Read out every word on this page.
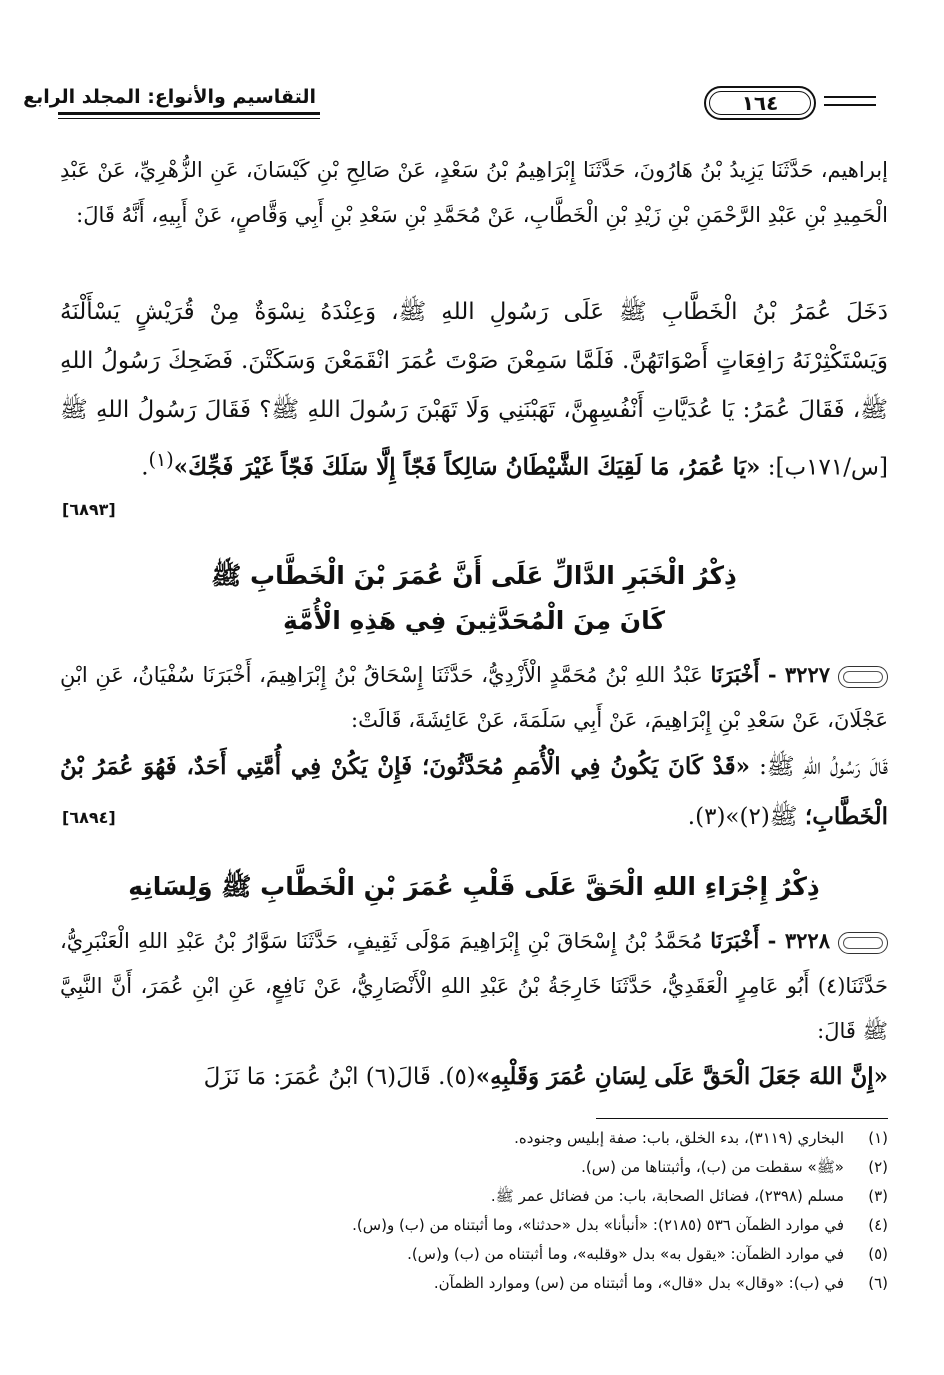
التقاسيم والأنواع: المجلد الرابع	١٦٤
إبراهيم، حَدَّثَنَا يَزِيدُ بْنُ هَارُونَ، حَدَّثَنَا إِبْرَاهِيمُ بْنُ سَعْدٍ، عَنْ صَالِحِ بْنِ كَيْسَانَ، عَنِ الزُّهْرِيِّ، عَنْ عَبْدِ الْحَمِيدِ بْنِ عَبْدِ الرَّحْمَنِ بْنِ زَيْدِ بْنِ الْخَطَّابِ، عَنْ مُحَمَّدِ بْنِ سَعْدِ بْنِ أَبِي وَقَّاصٍ، عَنْ أَبِيهِ، أَنَّهُ قَالَ:
دَخَلَ عُمَرُ بْنُ الْخَطَّابِ ﷺ عَلَى رَسُولِ اللهِ ﷺ، وَعِنْدَهُ نِسْوَةٌ مِنْ قُرَيْشٍ يَسْأَلْنَهُ وَيَسْتَكْثِرْنَهُ رَافِعَاتٍ أَصْوَاتَهُنَّ. فَلَمَّا سَمِعْنَ صَوْتَ عُمَرَ انْقَمَعْنَ وَسَكَتْنَ. فَضَحِكَ رَسُولُ اللهِ ﷺ، فَقَالَ عُمَرُ: يَا عُدَيَّاتِ أَنْفُسِهِنَّ، تَهَبْنَنِي وَلَا تَهَبْنَ رَسُولَ اللهِ ﷺ؟ فَقَالَ رَسُولُ اللهِ ﷺ [س/١٧١ب]: «يَا عُمَرُ، مَا لَقِيَكَ الشَّيْطَانُ سَالِكاً فَجّاً إِلَّا سَلَكَ فَجّاً غَيْرَ فَجِّكَ»$^{(١)}$.
[٦٨٩٣]
ذِكْرُ الْخَبَرِ الدَّالِّ عَلَى أَنَّ عُمَرَ بْنَ الْخَطَّابِ ﷺ
كَانَ مِنَ الْمُحَدَّثِينَ فِي هَذِهِ الْأُمَّةِ
٣٢٢٧ - أَخْبَرَنَا عَبْدُ اللهِ بْنُ مُحَمَّدٍ الْأَزْدِيُّ، حَدَّثَنَا إِسْحَاقُ بْنُ إِبْرَاهِيمَ، أَخْبَرَنَا سُفْيَانُ، عَنِ ابْنِ عَجْلَانَ، عَنْ سَعْدِ بْنِ إِبْرَاهِيمَ، عَنْ أَبِي سَلَمَةَ، عَنْ عَائِشَةَ، قَالَتْ:
قَالَ رَسُولُ اللهِ ﷺ: «قَدْ كَانَ يَكُونُ فِي الْأُمَمِ مُحَدَّثُونَ؛ فَإِنْ يَكُنْ فِي أُمَّتِي أَحَدٌ، فَهُوَ عُمَرُ بْنُ الْخَطَّابِ؛ ﷺ(٢)»(٣).
[٦٨٩٤]
ذِكْرُ إِجْرَاءِ اللهِ الْحَقَّ عَلَى قَلْبِ عُمَرَ بْنِ الْخَطَّابِ ﷺ وَلِسَانِهِ
٣٢٢٨ - أَخْبَرَنَا مُحَمَّدُ بْنُ إِسْحَاقَ بْنِ إِبْرَاهِيمَ مَوْلَى ثَقِيفٍ، حَدَّثَنَا سَوَّارُ بْنُ عَبْدِ اللهِ الْعَنْبَرِيُّ، حَدَّثَنَا(٤) أَبُو عَامِرٍ الْعَقَدِيُّ، حَدَّثَنَا خَارِجَةُ بْنُ عَبْدِ اللهِ الْأَنْصَارِيُّ، عَنْ نَافِعٍ، عَنِ ابْنِ عُمَرَ، أَنَّ النَّبِيَّ ﷺ قَالَ:
«إِنَّ اللهَ جَعَلَ الْحَقَّ عَلَى لِسَانِ عُمَرَ وَقَلْبِهِ»(٥). قَالَ(٦) ابْنُ عُمَرَ: مَا نَزَلَ
(١)
البخاري (٣١١٩)، بدء الخلق، باب: صفة إبليس وجنوده.
(٢)
«ﷺ» سقطت من (ب)، وأثبتناها من (س).
(٣)
مسلم (٢٣٩٨)، فضائل الصحابة، باب: من فضائل عمر ﷺ.
(٤)
في موارد الظمآن ٥٣٦ (٢١٨٥): «أنبأنا» بدل «حدثنا»، وما أثبتناه من (ب) و(س).
(٥)
في موارد الظمآن: «يقول به» بدل «وقلبه»، وما أثبتناه من (ب) و(س).
(٦)
في (ب): «وقال» بدل «قال»، وما أثبتناه من (س) وموارد الظمآن.
